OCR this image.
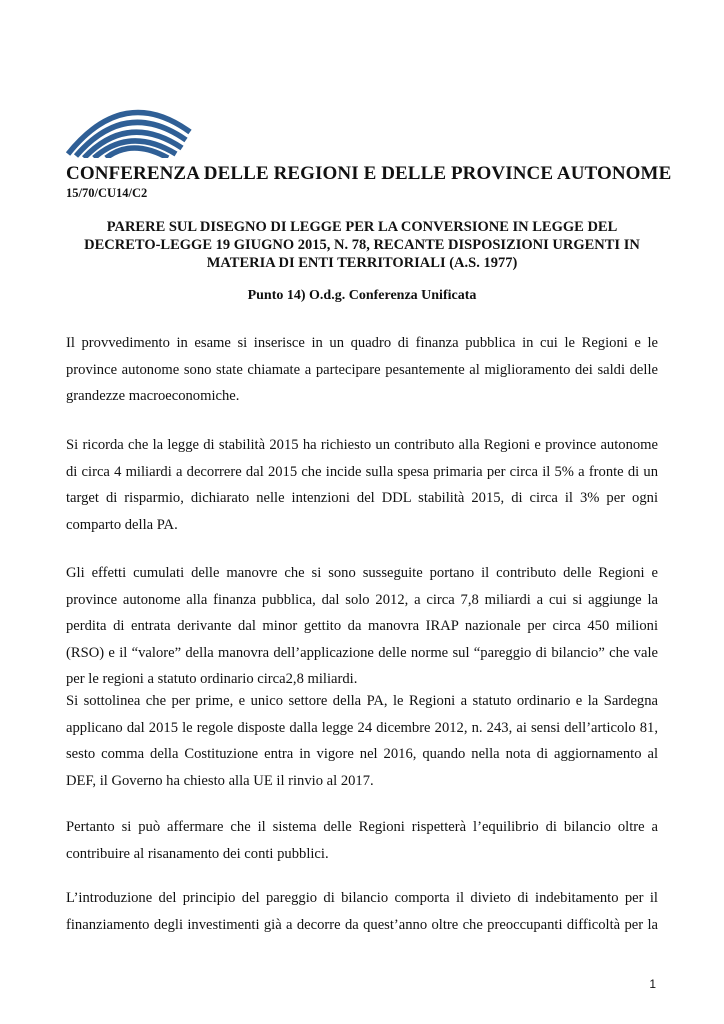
CONFERENZA DELLE REGIONI E DELLE PROVINCE AUTONOME
15/70/CU14/C2
PARERE SUL DISEGNO DI LEGGE PER LA CONVERSIONE IN LEGGE DEL
DECRETO-LEGGE 19 GIUGNO 2015, N. 78, RECANTE DISPOSIZIONI URGENTI IN
MATERIA DI ENTI TERRITORIALI (A.S. 1977)
Punto 14) O.d.g. Conferenza Unificata
Il provvedimento in esame si inserisce in un quadro di finanza pubblica in cui le Regioni e le
province autonome sono state chiamate a partecipare pesantemente al miglioramento dei saldi delle
grandezze macroeconomiche.
Si ricorda che la legge di stabilità 2015 ha richiesto un contributo alla Regioni e province autonome
di circa 4 miliardi a decorrere dal 2015 che incide sulla spesa primaria per circa il 5% a fronte di un
target di risparmio, dichiarato nelle intenzioni del DDL stabilità 2015, di circa il 3% per ogni
comparto della PA.
Gli effetti cumulati delle manovre che si sono susseguite portano il contributo delle Regioni e
province autonome alla finanza pubblica, dal solo 2012, a circa 7,8 miliardi a cui si aggiunge la
perdita di entrata derivante dal minor gettito da manovra IRAP nazionale per circa 450 milioni
(RSO) e il “valore” della manovra dell’applicazione delle norme sul “pareggio di bilancio” che vale
per le regioni a statuto ordinario circa2,8 miliardi.
Si sottolinea che per prime, e unico settore della PA, le Regioni a statuto ordinario e la Sardegna
applicano dal 2015 le regole disposte dalla legge 24 dicembre 2012, n. 243, ai sensi dell’articolo 81,
sesto comma della Costituzione entra in vigore nel 2016, quando nella nota di aggiornamento al
DEF, il Governo ha chiesto alla UE il rinvio al 2017.
Pertanto si può affermare che il sistema delle Regioni rispetterà l’equilibrio di bilancio oltre a
contribuire al risanamento dei conti pubblici.
L’introduzione del principio del pareggio di bilancio comporta il divieto di indebitamento per il
finanziamento degli investimenti già a decorre da quest’anno oltre che preoccupanti difficoltà per la
1
